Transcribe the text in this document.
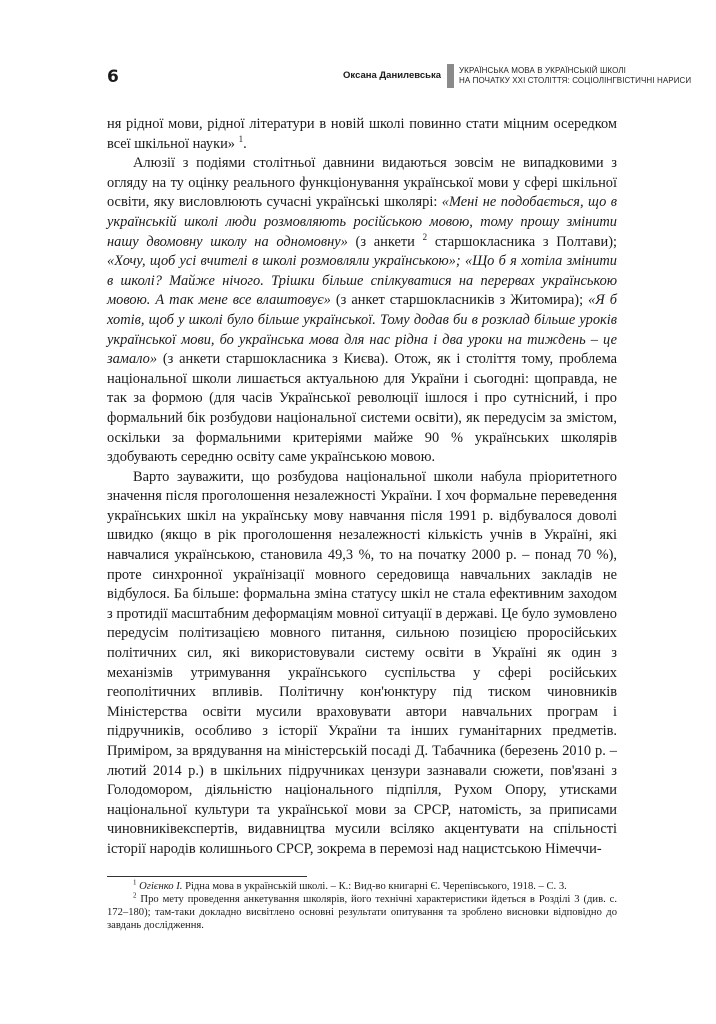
6	Оксана Данилевська УКРАЇНСЬКА МОВА В УКРАЇНСЬКІЙ ШКОЛІ
НА ПОЧАТКУ XXI СТОЛІТТЯ: СОЦІОЛІНГВІСТИЧНІ НАРИСИ

ня рідної мови, рідної літератури в новій школі повинно стати міцним осередком всеї шкільної науки» $^1$.

Алюзії з подіями столітньої давнини видаються зовсім не випадковими з огляду на ту оцінку реального функціонування української мови у сфері шкільної освіти, яку висловлюють сучасні українські школярі: «Мені не подобається, що в українській школі люди розмовляють російською мовою, тому прошу змінити нашу двомовну школу на одномовну» (з анкети $^2$ старшокласника з Полтави); «Хочу, щоб усі вчителі в школі розмовляли українською»; «Що б я хотіла змінити в школі? Майже нічого. Трішки більше спілкуватися на перервах українською мовою. А так мене все влаштовує» (з анкет старшокласників з Житомира); «Я б хотів, щоб у школі було більше української. Тому додав би в розклад більше уроків української мови, бо українська мова для нас рідна і два уроки на тиждень – це замало» (з анкети старшокласника з Києва). Отож, як і століття тому, проблема національної школи лишається актуальною для України і сьогодні: щоправда, не так за формою (для часів Української революції ішлося і про сутнісний, і про формальний бік розбудови національної системи освіти), як передусім за змістом, оскільки за формальними критеріями майже 90 % українських школярів здобувають середню освіту саме українською мовою.

Варто зауважити, що розбудова національної школи набула пріоритетного значення після проголошення незалежності України. І хоч формальне переведення українських шкіл на українську мову навчання після 1991 р. відбувалося доволі швидко (якщо в рік проголошення незалежності кількість учнів в Україні, які навчалися українською, становила 49,3 %, то на початку 2000 р. – понад 70 %), проте синхронної українізації мовного середовища навчальних закладів не відбулося. Ба більше: формальна зміна статусу шкіл не стала ефективним заходом з протидії масштабним деформаціям мовної ситуації в державі. Це було зумовлено передусім політизацією мовного питання, сильною позицією проросійських політичних сил, які використовували систему освіти в Україні як один з механізмів утримування українського суспільства у сфері російських геополітичних впливів. Політичну кон'юнктуру під тиском чиновників Міністерства освіти мусили враховувати автори навчальних програм і підручників, особливо з історії України та інших гуманітарних предметів. Приміром, за врядування на міністерській посаді Д. Табачника (березень 2010 р. – лютий 2014 р.) в шкільних підручниках цензури зазнавали сюжети, пов'язані з Голодомором, діяльністю національного підпілля, Рухом Опору, утисками національної культури та української мови за СРСР, натомість, за приписами чиновниківекспертів, видавництва мусили всіляко акцентувати на спільності історії народів колишнього СРСР, зокрема в перемозі над нацистською Німеччи-

$^1$ Огієнко І. Рідна мова в українській школі. – К.: Вид-во книгарні Є. Черепівського, 1918. – С. 3.

$^2$ Про мету проведення анкетування школярів, його технічні характеристики йдеться в Розділі 3 (див. с. 172–180); там-таки докладно висвітлено основні результати опитування та зроблено висновки відповідно до завдань дослідження.
